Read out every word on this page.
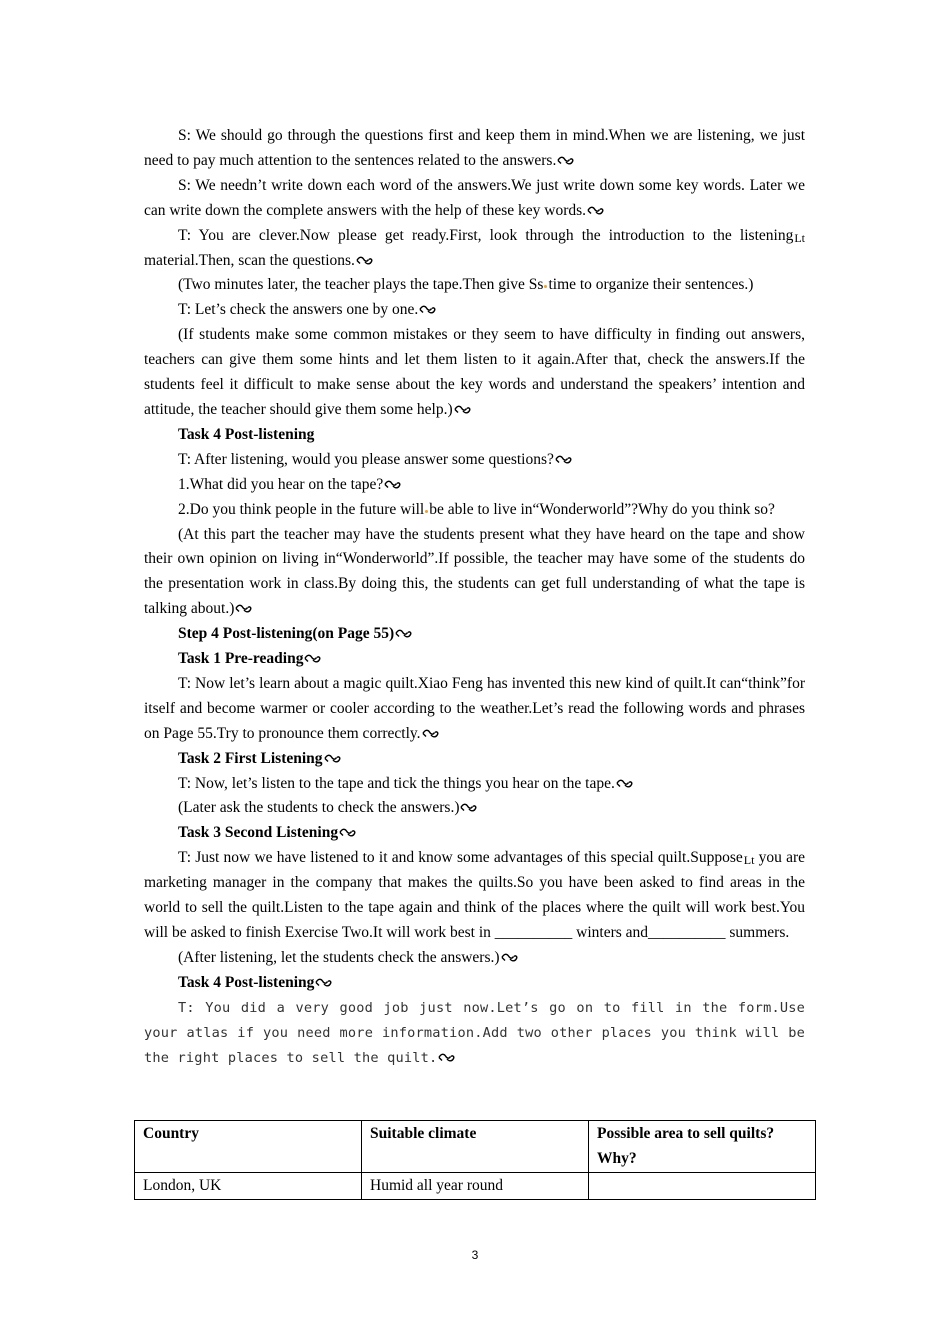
S: We should go through the questions first and keep them in mind.When we are listening, we just need to pay much attention to the sentences related to the answers.

S: We needn’t write down each word of the answers.We just write down some key words. Later we can write down the complete answers with the help of these key words.

T: You are clever.Now please get ready.First, look through the introduction to the listeningLt material.Then, scan the questions.

(Two minutes later, the teacher plays the tape.Then give Ss time to organize their sentences.)

T: Let’s check the answers one by one.

(If students make some common mistakes or they seem to have difficulty in finding out answers, teachers can give them some hints and let them listen to it again.After that, check the answers.If the students feel it difficult to make sense about the key words and understand the speakers’ intention and attitude, the teacher should give them some help.)

Task 4 Post-listening

T: After listening, would you please answer some questions?

1.What did you hear on the tape?

2.Do you think people in the future will be able to live in“Wonderworld”?Why do you think so?

(At this part the teacher may have the students present what they have heard on the tape and show their own opinion on living in“Wonderworld”.If possible, the teacher may have some of the students do the presentation work in class.By doing this, the students can get full understanding of what the tape is talking about.)

Step 4 Post-listening(on Page 55)

Task 1 Pre-reading

T: Now let’s learn about a magic quilt.Xiao Feng has invented this new kind of quilt.It can“think”for itself and become warmer or cooler according to the weather.Let’s read the following words and phrases on Page 55.Try to pronounce them correctly.

Task 2 First Listening

T: Now, let’s listen to the tape and tick the things you hear on the tape.

(Later ask the students to check the answers.)

Task 3 Second Listening

T: Just now we have listened to it and know some advantages of this special quilt.SupposeLt you are marketing manager in the company that makes the quilts.So you have been asked to find areas in the world to sell the quilt.Listen to the tape again and think of the places where the quilt will work best.You will be asked to finish Exercise Two.It will work best in __________ winters and__________ summers.

(After listening, let the students check the answers.)

Task 4 Post-listening

T: You did a very good job just now.Let’s go on to fill in the form.Use your atlas if you need more information.Add two other places you think will be the right places to sell the quilt.

Country	Suitable climate	Possible area to sell quilts? Why?
London, UK	Humid all year round	
3
